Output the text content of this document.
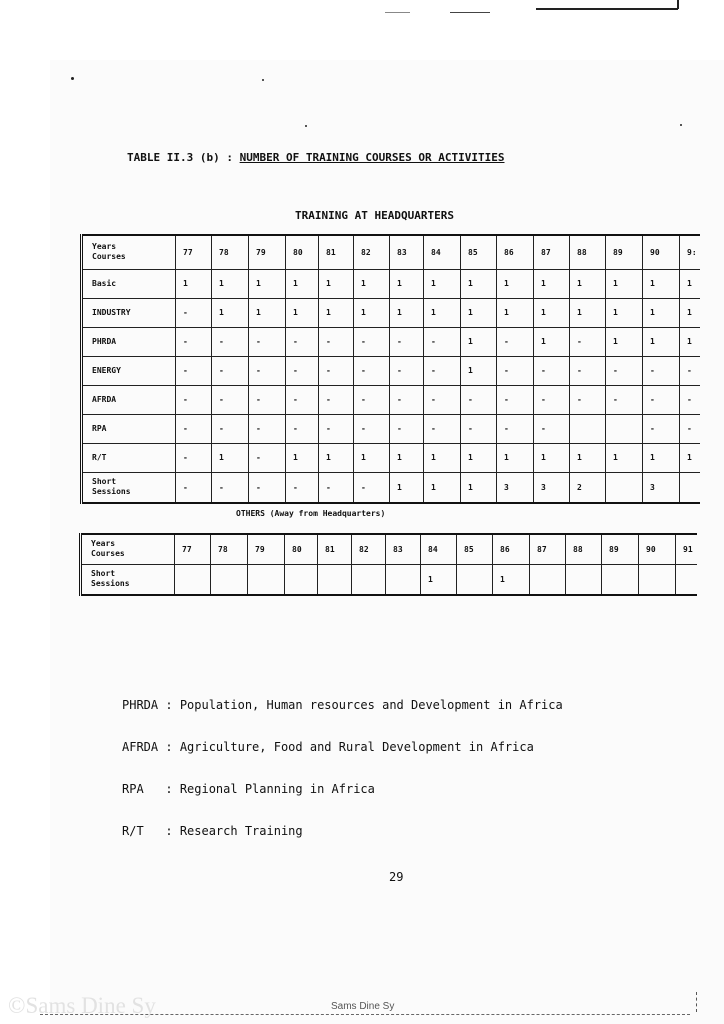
TABLE II.3 (b) : NUMBER OF TRAINING COURSES OR ACTIVITIES
TRAINING AT HEADQUARTERS
Years
Courses	77	78	79	80	81	82	83	84	85	86	87	88	89	90	9:
Basic	1	1	1	1	1	1	1	1	1	1	1	1	1	1	1
INDUSTRY	-	1	1	1	1	1	1	1	1	1	1	1	1	1	1
PHRDA	-	-	-	-	-	-	-	-	1	-	1	-	1	1	1
ENERGY	-	-	-	-	-	-	-	-	1	-	-	-	-	-	-
AFRDA	-	-	-	-	-	-	-	-	-	-	-	-	-	-	-
RPA	-	-	-	-	-	-	-	-	-	-	-			-	-
R/T	-	1	-	1	1	1	1	1	1	1	1	1	1	1	1
Short
Sessions	-	-	-	-	-	-	1	1	1	3	3	2		3	
OTHERS (Away from Headquarters)
Years
Courses	77	78	79	80	81	82	83	84	85	86	87	88	89	90	91
Short
Sessions								1		1					

PHRDA : Population, Human resources and Development in Africa

AFRDA : Agriculture, Food and Rural Development in Africa

RPA   : Regional Planning in Africa

R/T   : Research Training

29
©Sams Dine Sy	Sams Dine Sy
